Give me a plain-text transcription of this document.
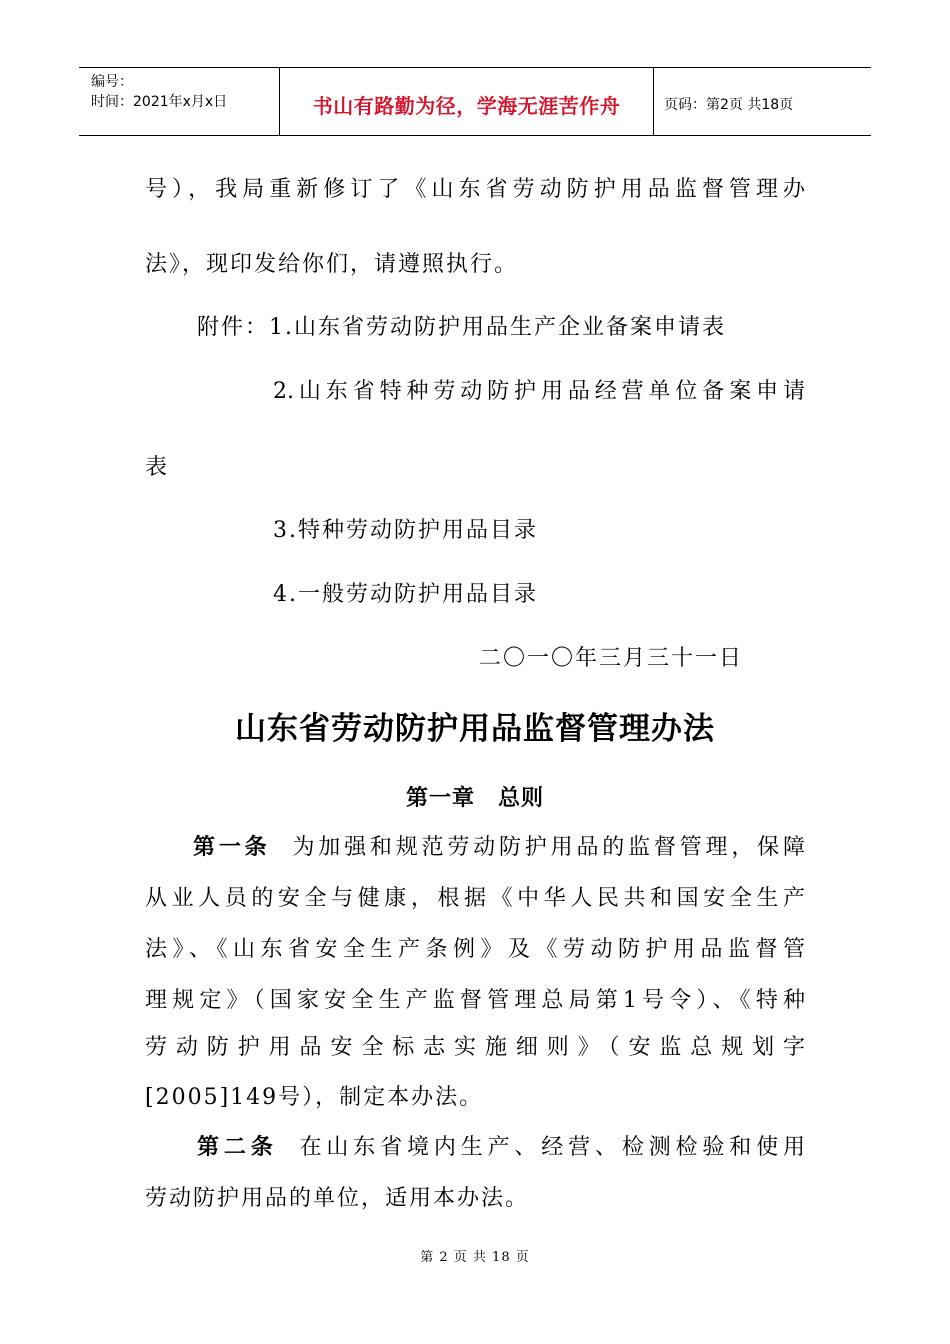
编号：
时间：2021年x月x日	书山有路勤为径，学海无涯苦作舟	页码：第2页 共18页
号），我局重新修订了《山东省劳动防护用品监督管理办
法》，现印发给你们，请遵照执行。
附件：1.山东省劳动防护用品生产企业备案申请表
2.山东省特种劳动防护用品经营单位备案申请
表
3.特种劳动防护用品目录
4.一般劳动防护用品目录
二〇一〇年三月三十一日
山东省劳动防护用品监督管理办法
第一章　总则
第一条 为加强和规范劳动防护用品的监督管理，保障
从业人员的安全与健康，根据《中华人民共和国安全生产
法》、《山东省安全生产条例》及《劳动防护用品监督管
理规定》（国家安全生产监督管理总局第1号令）、《特种
劳动防护用品安全标志实施细则》（安监总规划字
[2005]149号），制定本办法。
第二条 在山东省境内生产、经营、检测检验和使用
劳动防护用品的单位，适用本办法。
第 2 页 共 18 页
